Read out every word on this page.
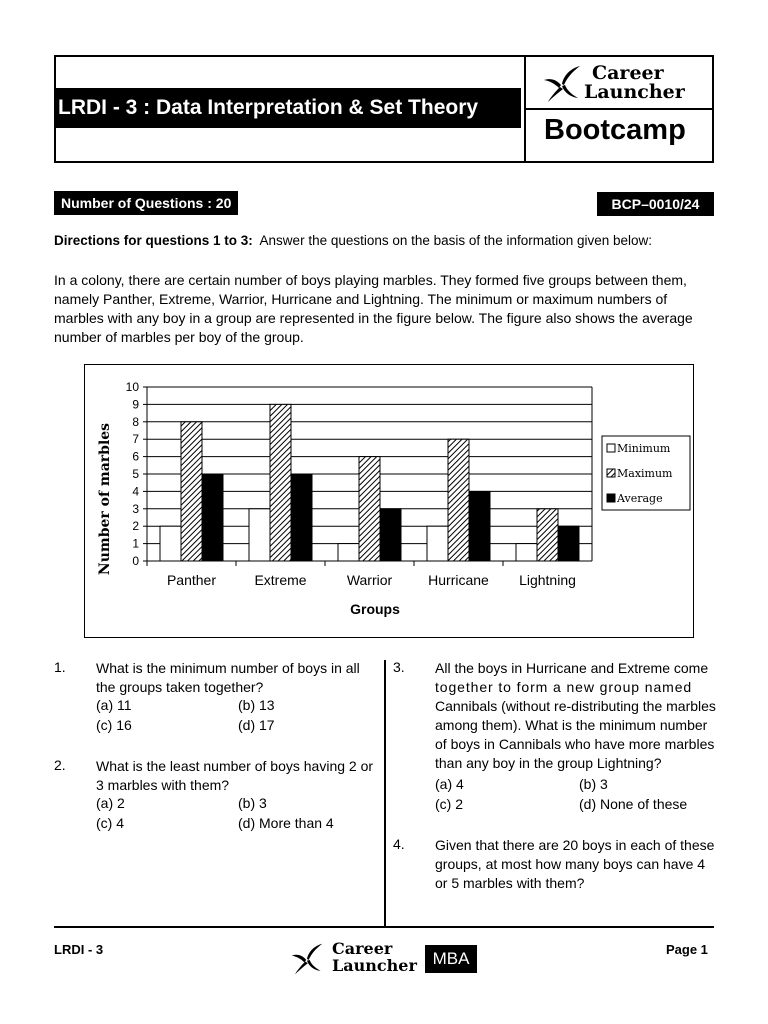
LRDI - 3 : Data Interpretation & Set Theory
Career
Launcher
Bootcamp
Number of Questions : 20	BCP–0010/24
Directions for questions 1 to 3: Answer the questions on the basis of the information given below:

In a colony, there are certain number of boys playing marbles. They formed five groups between them,

namely Panther, Extreme, Warrior, Hurricane and Lightning. The minimum or maximum numbers of

marbles with any boy in a group are represented in the figure below. The figure also shows the average

number of marbles per boy of the group.

0
1
2
3
4
5
6
7
8
9
10
Panther	Extreme	Warrior	Hurricane Lightning
Number of marbles
Groups
Minimum
Maximum
Average
1. What is the minimum number of boys in all
the groups taken together?
(a) 11	(b) 13
(c) 16	(d) 17
2. What is the least number of boys having 2 or
3 marbles with them?
(a) 2	(b) 3
(c) 4	(d) More than 4
3. All the boys in Hurricane and Extreme come
together to form a new group named
Cannibals (without re-distributing the marbles
among them). What is the minimum number
of boys in Cannibals who have more marbles
than any boy in the group Lightning?
(a) 4	(b) 3
(c) 2	(d) None of these
4. Given that there are 20 boys in each of these
groups, at most how many boys can have 4
or 5 marbles with them?
LRDI - 3	Career
Launcher MBA	Page 1
